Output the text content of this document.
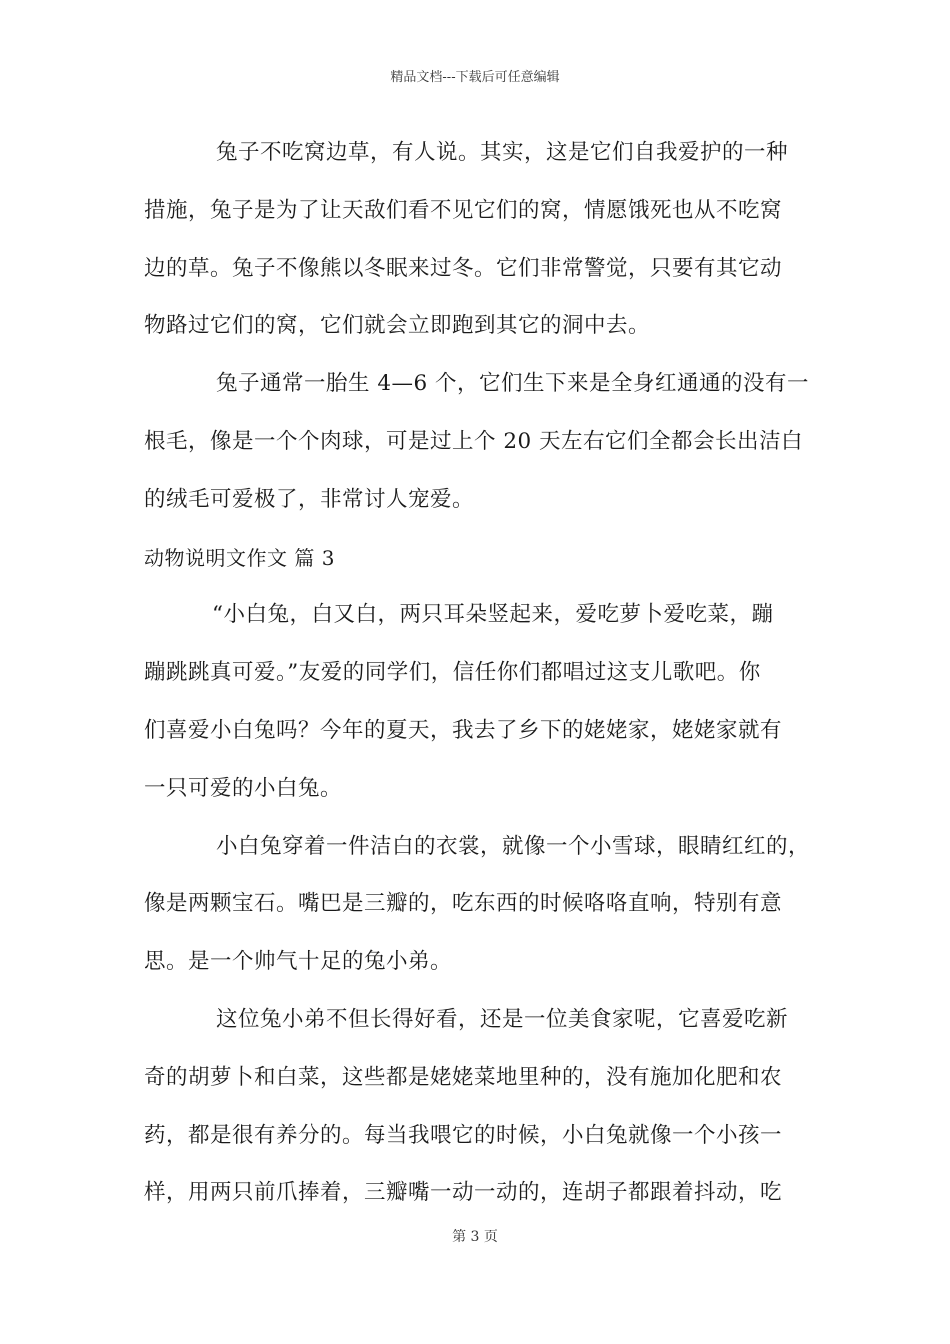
精品文档---下载后可任意编辑
兔子不吃窝边草，有人说。其实，这是它们自我爱护的一种
措施，兔子是为了让天敌们看不见它们的窝，情愿饿死也从不吃窝
边的草。兔子不像熊以冬眠来过冬。它们非常警觉，只要有其它动
物路过它们的窝，它们就会立即跑到其它的洞中去。
兔子通常一胎生 4—6 个，它们生下来是全身红通通的没有一
根毛，像是一个个肉球，可是过上个 20 天左右它们全都会长出洁白
的绒毛可爱极了，非常讨人宠爱。
动物说明文作文 篇 3
“小白兔，白又白，两只耳朵竖起来，爱吃萝卜爱吃菜，蹦
蹦跳跳真可爱。”友爱的同学们，信任你们都唱过这支儿歌吧。你
们喜爱小白兔吗？今年的夏天，我去了乡下的姥姥家，姥姥家就有
一只可爱的小白兔。
小白兔穿着一件洁白的衣裳，就像一个小雪球，眼睛红红的，
像是两颗宝石。嘴巴是三瓣的，吃东西的时候咯咯直响，特别有意
思。是一个帅气十足的兔小弟。
这位兔小弟不但长得好看，还是一位美食家呢，它喜爱吃新
奇的胡萝卜和白菜，这些都是姥姥菜地里种的，没有施加化肥和农
药，都是很有养分的。每当我喂它的时候，小白兔就像一个小孩一
样，用两只前爪捧着，三瓣嘴一动一动的，连胡子都跟着抖动，吃
第 3 页
